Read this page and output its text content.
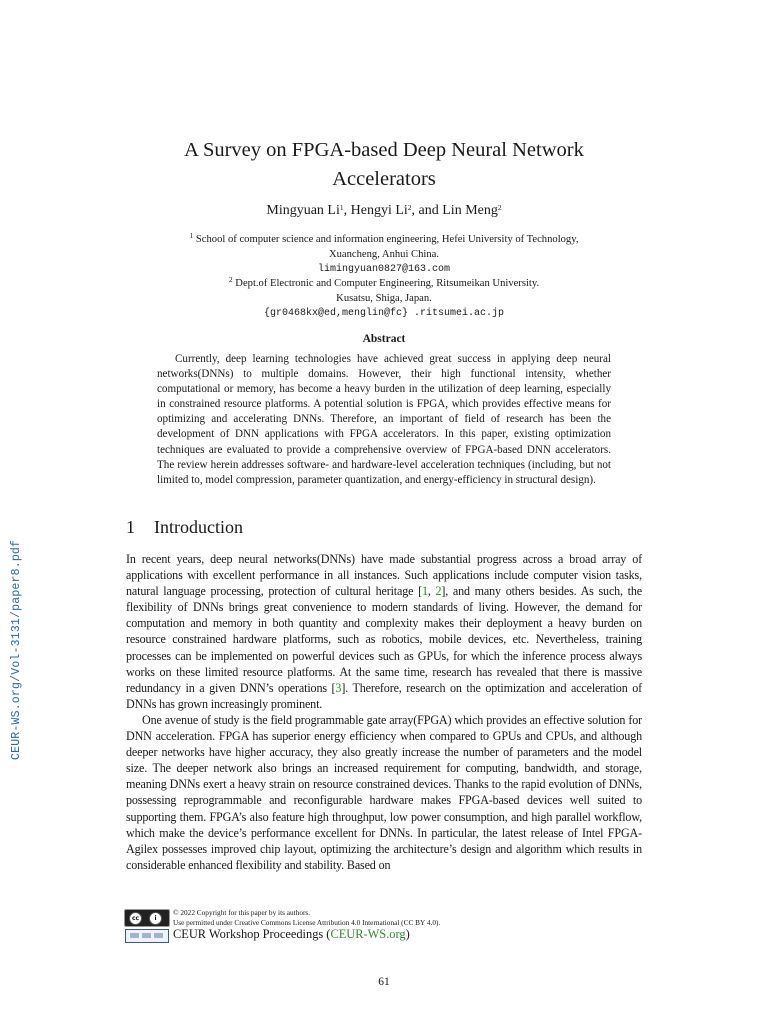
CEUR-WS.org/Vol-3131/paper8.pdf
A Survey on FPGA-based Deep Neural Network
Accelerators
Mingyuan Li$^1$, Hengyi Li$^2$, and Lin Meng$^2$
$^1$ School of computer science and information engineering, Hefei University of Technology,
Xuancheng, Anhui China.
limingyuan0827@163.com
$^2$ Dept.of Electronic and Computer Engineering, Ritsumeikan University.
Kusatsu, Shiga, Japan.
{gr0468kx@ed,menglin@fc} .ritsumei.ac.jp
Abstract

Currently, deep learning technologies have achieved great success in applying deep neural networks(DNNs) to multiple domains. However, their high functional intensity, whether computational or memory, has become a heavy burden in the utilization of deep learning, especially in constrained resource platforms. A potential solution is FPGA, which provides effective means for optimizing and accelerating DNNs. Therefore, an important of field of research has been the development of DNN applications with FPGA accelerators. In this paper, existing optimization techniques are evaluated to provide a comprehensive overview of FPGA-based DNN accelerators. The review herein addresses software- and hardware-level acceleration techniques (including, but not limited to, model compression, parameter quantization, and energy-efficiency in structural design).

1 Introduction

In recent years, deep neural networks(DNNs) have made substantial progress across a broad array of applications with excellent performance in all instances. Such applications include computer vision tasks, natural language processing, protection of cultural heritage [1, 2], and many others besides. As such, the flexibility of DNNs brings great convenience to modern standards of living. However, the demand for computation and memory in both quantity and complexity makes their deployment a heavy burden on resource constrained hardware platforms, such as robotics, mobile devices, etc. Nevertheless, training processes can be implemented on powerful devices such as GPUs, for which the inference process always works on these limited resource platforms. At the same time, research has revealed that there is massive redundancy in a given DNN’s operations [3]. Therefore, research on the optimization and acceleration of DNNs has grown increasingly prominent.

One avenue of study is the field programmable gate array(FPGA) which provides an effective solution for DNN acceleration. FPGA has superior energy efficiency when compared to GPUs and CPUs, and although deeper networks have higher accuracy, they also greatly increase the number of parameters and the model size. The deeper network also brings an increased requirement for computing, bandwidth, and storage, meaning DNNs exert a heavy strain on resource constrained devices. Thanks to the rapid evolution of DNNs, possessing reprogrammable and reconfigurable hardware makes FPGA-based devices well suited to supporting them. FPGA’s also feature high throughput, low power consumption, and high parallel workflow, which make the device’s performance excellent for DNNs. In particular, the latest release of Intel FPGA-Agilex possesses improved chip layout, optimizing the architecture’s design and algorithm which results in considerable enhanced flexibility and stability. Based on

cc	i
© 2022 Copyright for this paper by its authors.
Use permitted under Creative Commons License Attribution 4.0 International (CC BY 4.0).
CEUR Workshop Proceedings (CEUR-WS.org)
61
